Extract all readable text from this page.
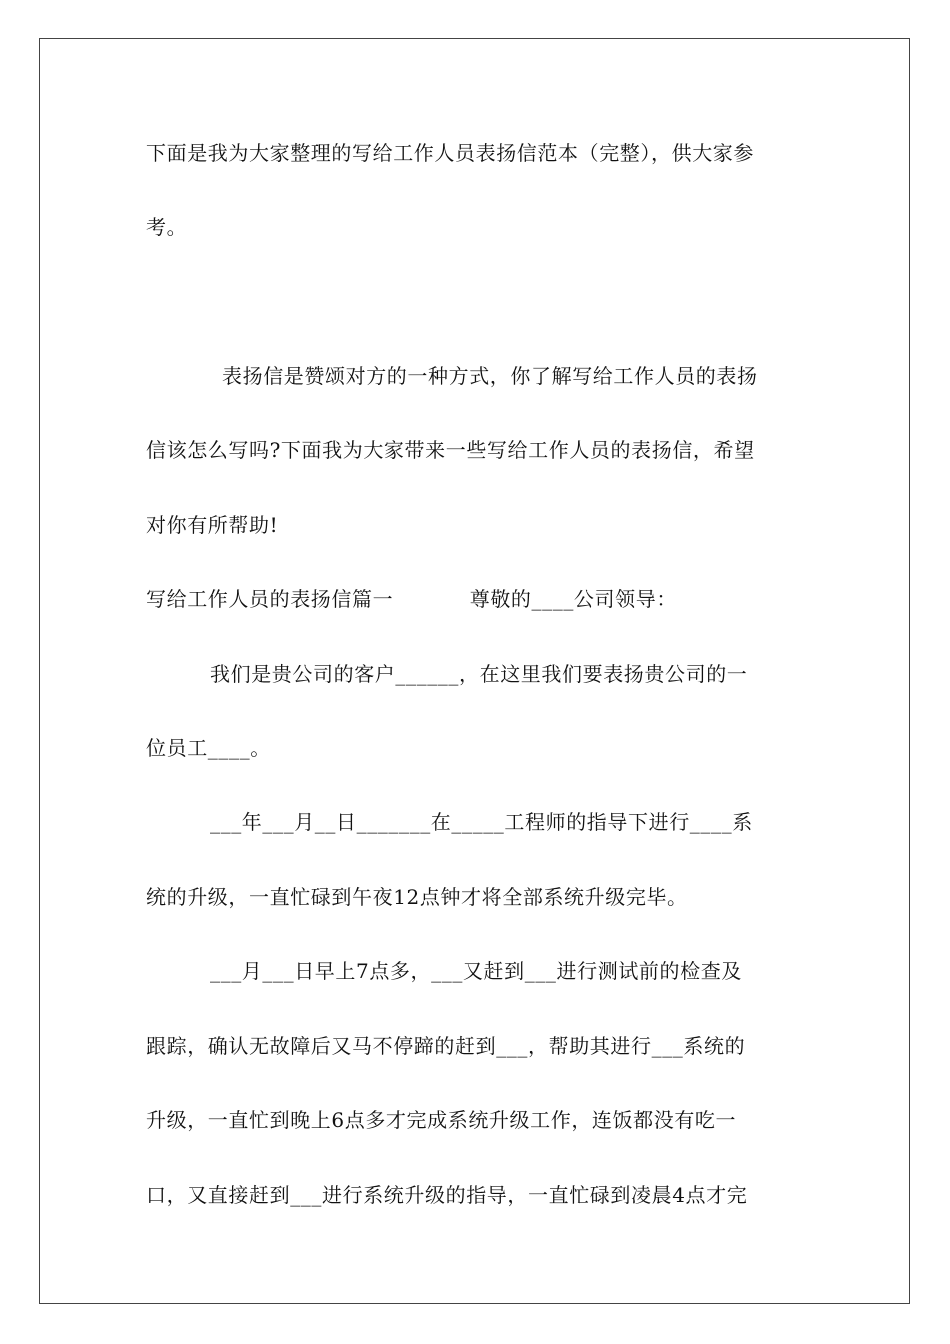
下面是我为大家整理的写给工作人员表扬信范本（完整），供大家参
考。
表扬信是赞颂对方的一种方式，你了解写给工作人员的表扬
信该怎么写吗?下面我为大家带来一些写给工作人员的表扬信，希望
对你有所帮助!
写给工作人员的表扬信篇一           尊敬的____公司领导：
我们是贵公司的客户______，在这里我们要表扬贵公司的一
位员工____。
___年___月__日_______在_____工程师的指导下进行____系
统的升级，一直忙碌到午夜12点钟才将全部系统升级完毕。
___月___日早上7点多，___又赶到___进行测试前的检查及
跟踪，确认无故障后又马不停蹄的赶到___，帮助其进行___系统的
升级，一直忙到晚上6点多才完成系统升级工作，连饭都没有吃一
口，又直接赶到___进行系统升级的指导，一直忙碌到凌晨4点才完
